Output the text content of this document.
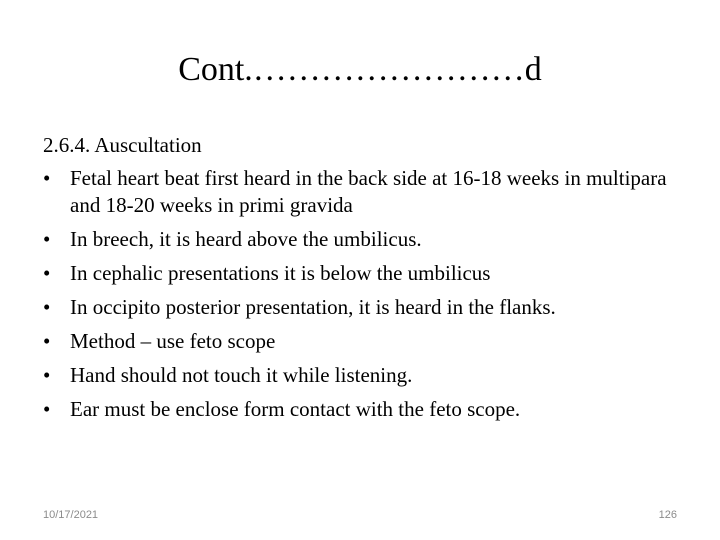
Cont.……………………d
2.6.4. Auscultation
• Fetal heart beat first heard in the back side at 16-18 weeks in multipara and 18-20 weeks in primi gravida
• In breech, it is heard above the umbilicus.
• In cephalic presentations it is below the umbilicus
• In occipito posterior presentation, it is heard in the flanks.
• Method – use feto scope
• Hand should not touch it while listening.
• Ear must be enclose form contact with the feto scope.
10/17/2021	126
